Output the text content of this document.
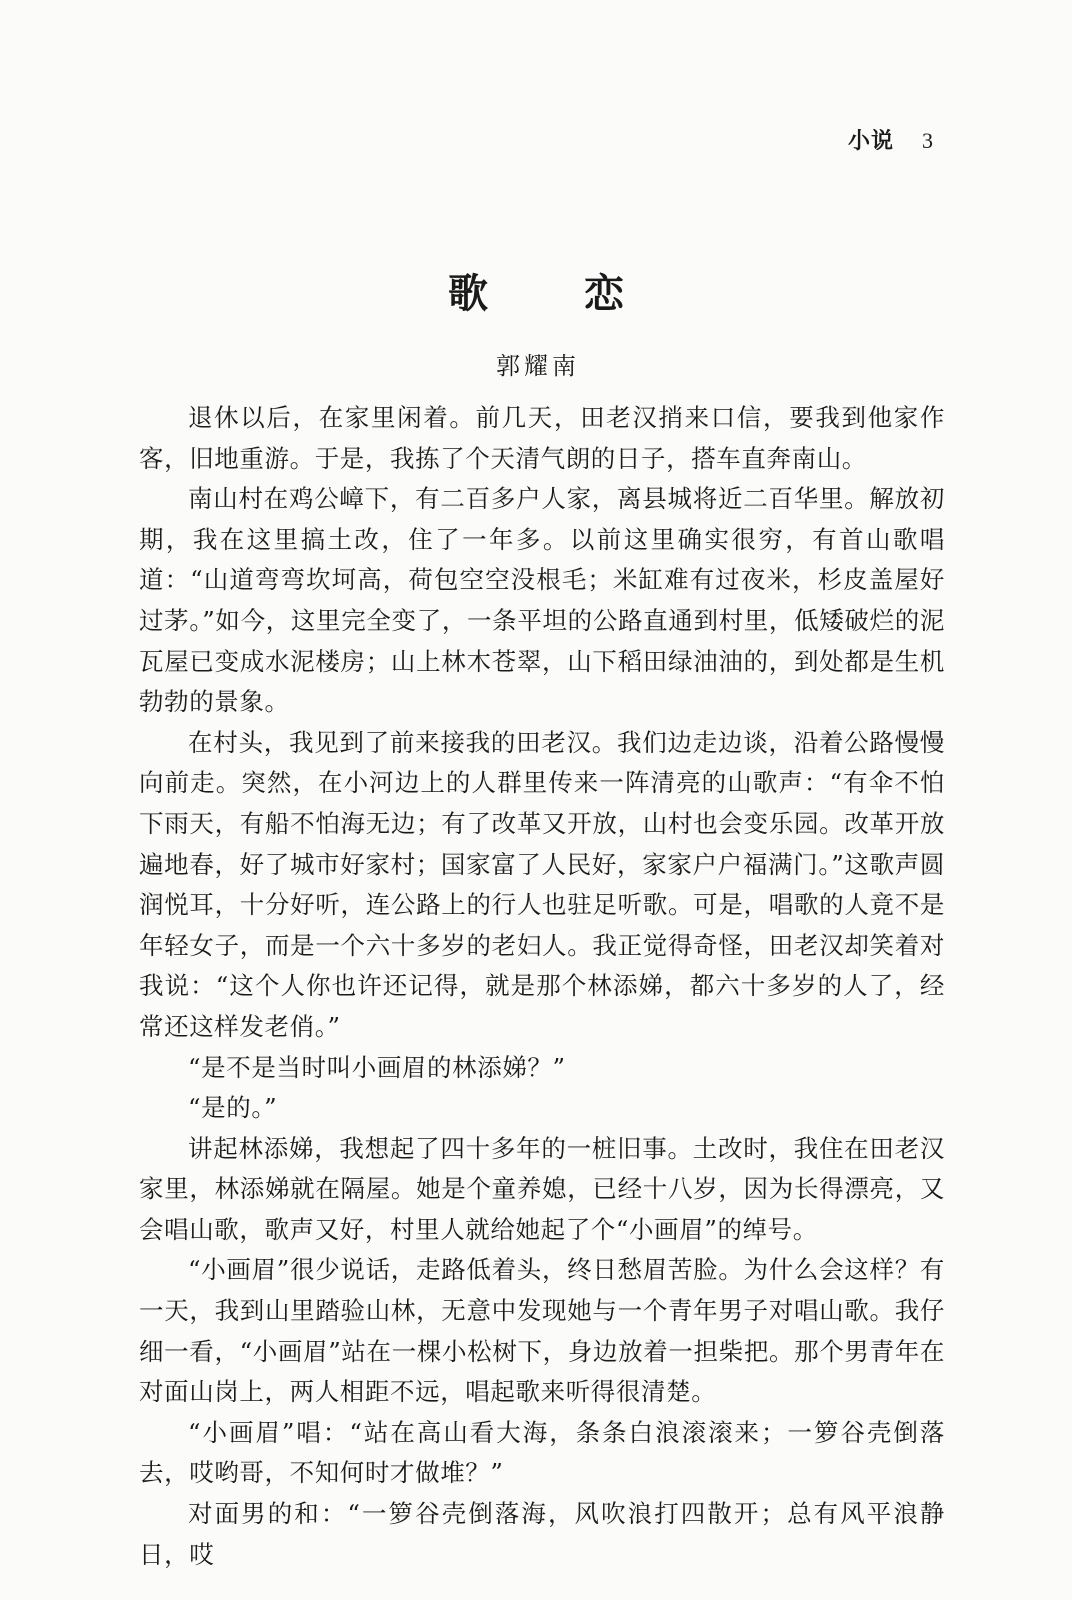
小说 3
歌　恋
郭耀南

退休以后，在家里闲着。前几天，田老汉捎来口信，要我到他家作客，旧地重游。于是，我拣了个天清气朗的日子，搭车直奔南山。

南山村在鸡公嶂下，有二百多户人家，离县城将近二百华里。解放初期，我在这里搞土改，住了一年多。以前这里确实很穷，有首山歌唱道：“山道弯弯坎坷高，荷包空空没根毛；米缸难有过夜米，杉皮盖屋好过茅。”如今，这里完全变了，一条平坦的公路直通到村里，低矮破烂的泥瓦屋已变成水泥楼房；山上林木苍翠，山下稻田绿油油的，到处都是生机勃勃的景象。

在村头，我见到了前来接我的田老汉。我们边走边谈，沿着公路慢慢向前走。突然，在小河边上的人群里传来一阵清亮的山歌声：“有伞不怕下雨天，有船不怕海无边；有了改革又开放，山村也会变乐园。改革开放遍地春，好了城市好家村；国家富了人民好，家家户户福满门。”这歌声圆润悦耳，十分好听，连公路上的行人也驻足听歌。可是，唱歌的人竟不是年轻女子，而是一个六十多岁的老妇人。我正觉得奇怪，田老汉却笑着对我说：“这个人你也许还记得，就是那个林添娣，都六十多岁的人了，经常还这样发老俏。”

“是不是当时叫小画眉的林添娣？”

“是的。”

讲起林添娣，我想起了四十多年的一桩旧事。土改时，我住在田老汉家里，林添娣就在隔屋。她是个童养媳，已经十八岁，因为长得漂亮，又会唱山歌，歌声又好，村里人就给她起了个“小画眉”的绰号。

“小画眉”很少说话，走路低着头，终日愁眉苦脸。为什么会这样？有一天，我到山里踏验山林，无意中发现她与一个青年男子对唱山歌。我仔细一看，“小画眉”站在一棵小松树下，身边放着一担柴把。那个男青年在对面山岗上，两人相距不远，唱起歌来听得很清楚。

“小画眉”唱：“站在高山看大海，条条白浪滚滚来；一箩谷壳倒落去，哎哟哥，不知何时才做堆？”

对面男的和：“一箩谷壳倒落海，风吹浪打四散开；总有风平浪静日，哎
